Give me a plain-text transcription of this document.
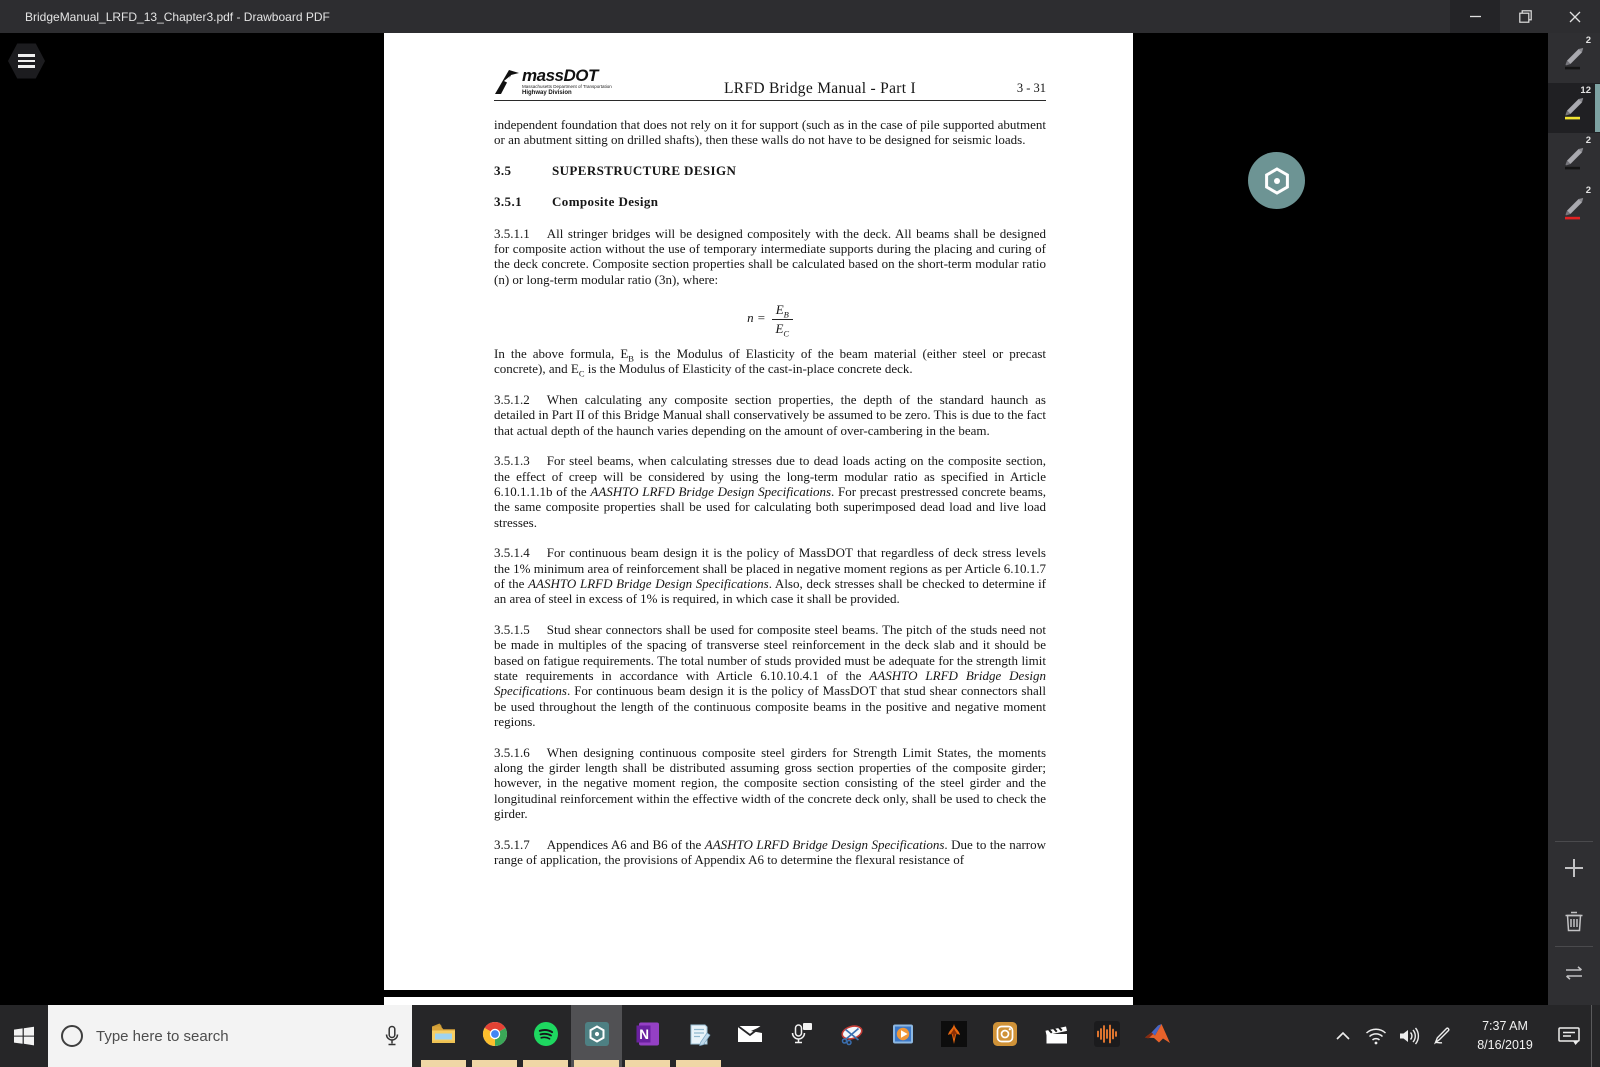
BridgeManual_LRFD_13_Chapter3.pdf - Drawboard PDF
massDOT
Massachusetts Department of Transportation
Highway Division	LRFD Bridge Manual - Part I	3 - 31

independent foundation that does not rely on it for support (such as in the case of pile supported abutment or an abutment sitting on drilled shafts), then these walls do not have to be designed for seismic loads.

3.5	SUPERSTRUCTURE DESIGN
3.5.1 Composite Design

3.5.1.1 All stringer bridges will be designed compositely with the deck. All beams shall be designed for composite action without the use of temporary intermediate supports during the placing and curing of the deck concrete. Composite section properties shall be calculated based on the short-term modular ratio (n) or long-term modular ratio (3n), where:

$n = \frac{E_B}{E_C}$

In the above formula, $E_B$ is the Modulus of Elasticity of the beam material (either steel or precast concrete), and $E_C$ is the Modulus of Elasticity of the cast-in-place concrete deck.

3.5.1.2 When calculating any composite section properties, the depth of the standard haunch as detailed in Part II of this Bridge Manual shall conservatively be assumed to be zero. This is due to the fact that actual depth of the haunch varies depending on the amount of over-cambering in the beam.

3.5.1.3 For steel beams, when calculating stresses due to dead loads acting on the composite section, the effect of creep will be considered by using the long-term modular ratio as specified in Article 6.10.1.1.1b of the AASHTO LRFD Bridge Design Specifications. For precast prestressed concrete beams, the same composite properties shall be used for calculating both superimposed dead load and live load stresses.

3.5.1.4 For continuous beam design it is the policy of MassDOT that regardless of deck stress levels the 1% minimum area of reinforcement shall be placed in negative moment regions as per Article 6.10.1.7 of the AASHTO LRFD Bridge Design Specifications. Also, deck stresses shall be checked to determine if an area of steel in excess of 1% is required, in which case it shall be provided.

3.5.1.5 Stud shear connectors shall be used for composite steel beams. The pitch of the studs need not be made in multiples of the spacing of transverse steel reinforcement in the deck slab and it should be based on fatigue requirements. The total number of studs provided must be adequate for the strength limit state requirements in accordance with Article 6.10.10.4.1 of the AASHTO LRFD Bridge Design Specifications. For continuous beam design it is the policy of MassDOT that stud shear connectors shall be used throughout the length of the continuous composite beams in the positive and negative moment regions.

3.5.1.6 When designing continuous composite steel girders for Strength Limit States, the moments along the girder length shall be distributed assuming gross section properties of the composite girder; however, in the negative moment region, the composite section consisting of the steel girder and the longitudinal reinforcement within the effective width of the concrete deck only, shall be used to check the girder.

3.5.1.7 Appendices A6 and B6 of the AASHTO LRFD Bridge Design Specifications. Due to the narrow range of application, the provisions of Appendix A6 to determine the flexural resistance of

2
12
2
2
Type here to search
N
7:37 AM
8/16/2019
